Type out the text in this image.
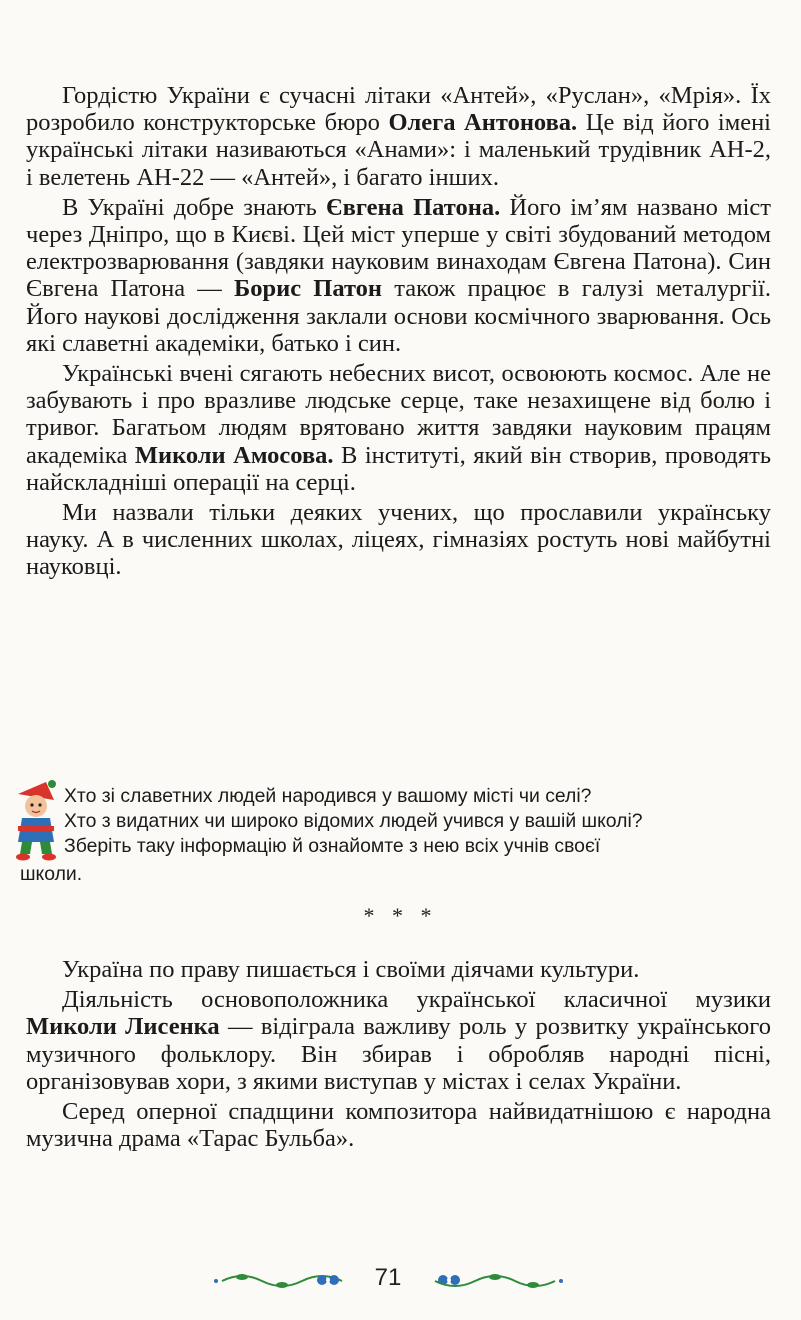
Гордістю України є сучасні літаки «Антей», «Руслан», «Мрія». Їх розробило конструкторське бюро Олега Антонова. Це від його імені українські літаки називаються «Анами»: і маленький трудівник АН-2, і велетень АН-22 — «Антей», і багато інших.

В Україні добре знають Євгена Патона. Його ім’ям названо міст через Дніпро, що в Києві. Цей міст уперше у світі збудований методом електрозварювання (завдяки науковим винаходам Євгена Патона). Син Євгена Патона — Борис Патон також працює в галузі металургії. Його наукові дослідження заклали основи космічного зварювання. Ось які славетні академіки, батько і син.

Українські вчені сягають небесних висот, освоюють космос. Але не забувають і про вразливе людське серце, таке незахищене від болю і тривог. Багатьом людям врятовано життя завдяки науковим працям академіка Миколи Амосова. В інституті, який він створив, проводять найскладніші операції на серці.

Ми назвали тільки деяких учених, що прославили українську науку. А в численних школах, ліцеях, гімназіях ростуть нові майбутні науковці.

Хто зі славетних людей народився у вашому місті чи селі?
Хто з видатних чи широко відомих людей учився у вашій школі?
Зберіть таку інформацію й ознайомте з нею всіх учнів своєї
школи.
* * *

Україна по праву пишається і своїми діячами культури.

Діяльність основоположника української класичної музики Миколи Лисенка — відіграла важливу роль у розвитку українського музичного фольклору. Він збирав і обробляв народні пісні, організовував хори, з якими виступав у містах і селах України.

Серед оперної спадщини композитора найвидатнішою є народна музична драма «Тарас Бульба».

71
